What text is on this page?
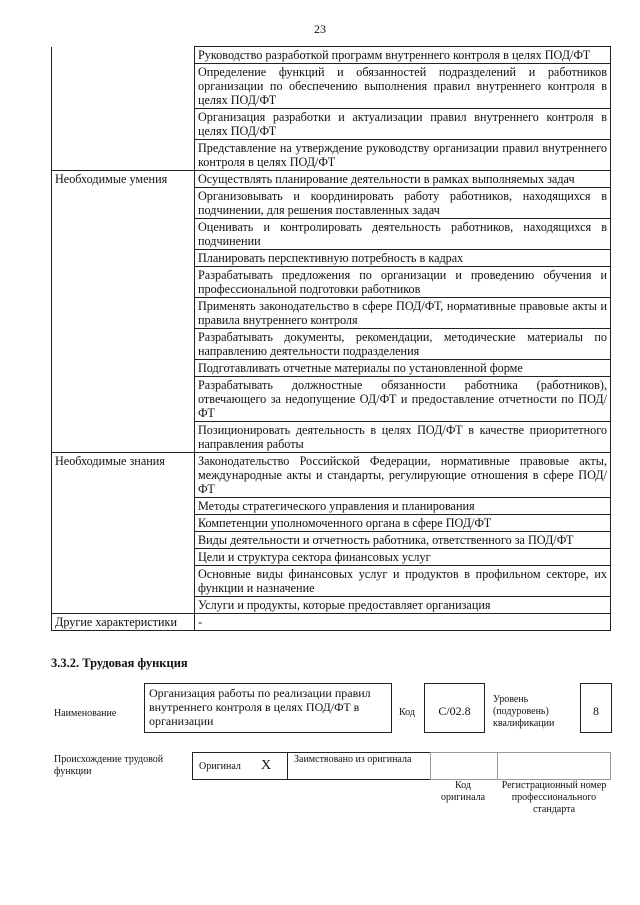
23
	Руководство разработкой программ внутреннего контроля в целях ПОД/ФТ
	Определение функций и обязанностей подразделений и работников организации по обеспечению выполнения правил внутреннего контроля в целях ПОД/ФТ
	Организация разработки и актуализации правил внутреннего контроля в целях ПОД/ФТ
	Представление на утверждение руководству организации правил внутреннего контроля в целях ПОД/ФТ
Необходимые умения	Осуществлять планирование деятельности в рамках выполняемых задач
	Организовывать и координировать работу работников, находящихся в подчинении, для решения поставленных задач
	Оценивать и контролировать деятельность работников, находящихся в подчинении
	Планировать перспективную потребность в кадрах
	Разрабатывать предложения по организации и проведению обучения и профессиональной подготовки работников
	Применять законодательство в сфере ПОД/ФТ, нормативные правовые акты и правила внутреннего контроля
	Разрабатывать документы, рекомендации, методические материалы по направлению деятельности подразделения
	Подготавливать отчетные материалы по установленной форме
	Разрабатывать должностные обязанности работника (работников), отвечающего за недопущение ОД/ФТ и предоставление отчетности по ПОД/ФТ
	Позиционировать деятельность в целях ПОД/ФТ в качестве приоритетного направления работы
Необходимые знания	Законодательство Российской Федерации, нормативные правовые акты, международные акты и стандарты, регулирующие отношения в сфере ПОД/ФТ
	Методы стратегического управления и планирования
	Компетенции уполномоченного органа в сфере ПОД/ФТ
	Виды деятельности и отчетность работника, ответственного за ПОД/ФТ
	Цели и структура сектора финансовых услуг
	Основные виды финансовых услуг и продуктов в профильном секторе, их функции и назначение
	Услуги и продукты, которые предоставляет организация
Другие характеристики	-
3.3.2. Трудовая функция
Наименование
Организация работы по реализации правил внутреннего контроля в целях ПОД/ФТ в организации
Код	C/02.8
Уровень (подуровень) квалификации
8
Происхождение трудовой функции	Оригинал X	Заимствовано из оригинала
Код оригинала
Регистрационный номер профессионального стандарта
